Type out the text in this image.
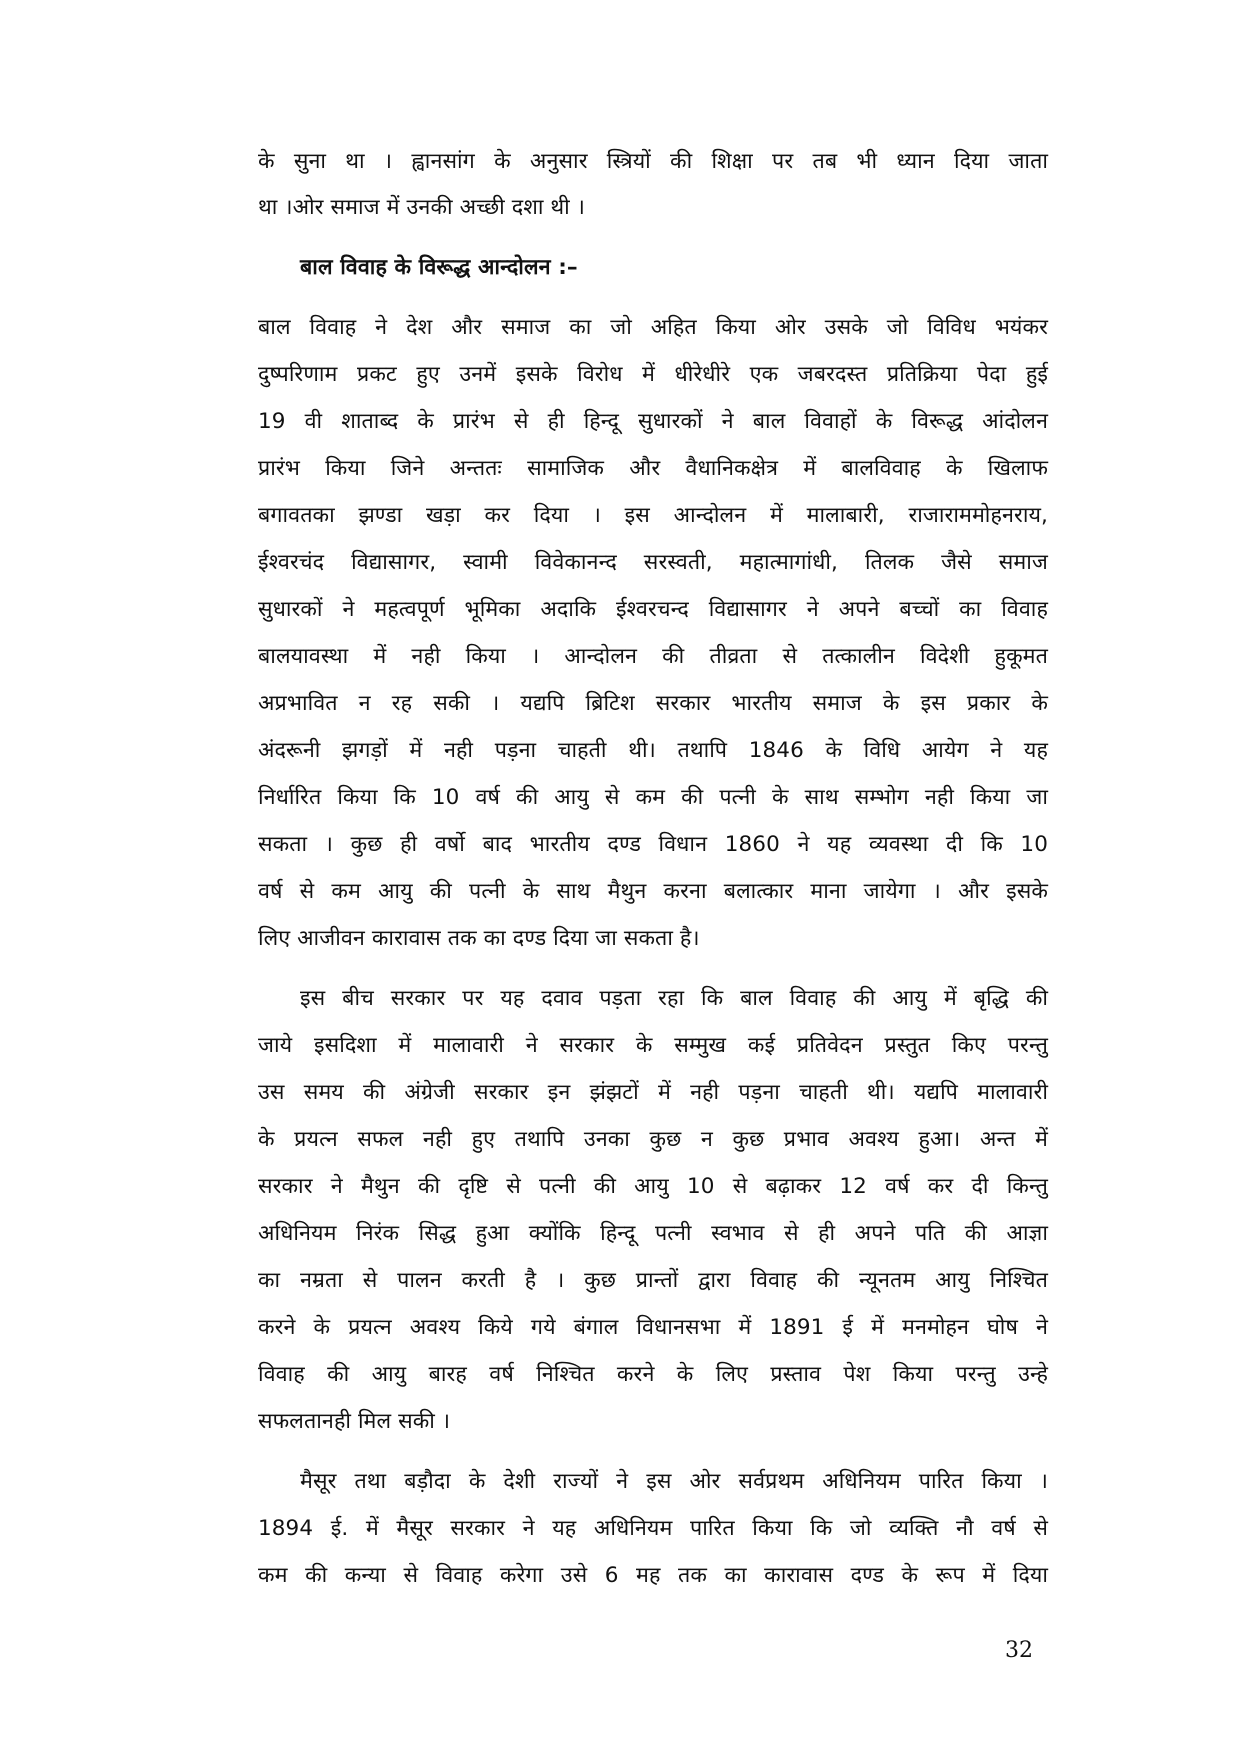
के सुना था । ह्वानसांग के अनुसार स्त्रियों की शिक्षा पर तब भी ध्यान दिया जाता
था ।ओर समाज में उनकी अच्छी दशा थी ।
बाल विवाह के विरूद्ध आन्दोलन :–
बाल विवाह ने देश और समाज का जो अहित किया ओर उसके जो विविध भयंकर
दुष्परिणाम प्रकट हुए उनमें इसके विरोध में धीरेधीरे एक जबरदस्त प्रतिक्रिया पेदा हुई
19 वी शाताब्द के प्रारंभ से ही हिन्दू सुधारकों ने बाल विवाहों के विरूद्ध आंदोलन
प्रारंभ किया जिने अन्ततः सामाजिक और वैधानिकक्षेत्र में बालविवाह के खिलाफ
बगावतका झण्डा खड़ा कर दिया । इस आन्दोलन में मालाबारी, राजाराममोहनराय,
ईश्वरचंद विद्यासागर, स्वामी विवेकानन्द सरस्वती, महात्मागांधी, तिलक जैसे समाज
सुधारकों ने महत्वपूर्ण भूमिका अदाकि ईश्वरचन्द विद्यासागर ने अपने बच्चों का विवाह
बालयावस्था में नही किया । आन्दोलन की तीव्रता से तत्कालीन विदेशी हुकूमत
अप्रभावित न रह सकी । यद्यपि ब्रिटिश सरकार भारतीय समाज के इस प्रकार के
अंदरूनी झगड़ों में नही पड़ना चाहती थी। तथापि 1846 के विधि आयेग ने यह
निर्धारित किया कि 10 वर्ष की आयु से कम की पत्नी के साथ सम्भोग नही किया जा
सकता । कुछ ही वर्षो बाद भारतीय दण्ड विधान 1860 ने यह व्यवस्था दी कि 10
वर्ष से कम आयु की पत्नी के साथ मैथुन करना बलात्कार माना जायेगा । और इसके
लिए आजीवन कारावास तक का दण्ड दिया जा सकता है।
इस बीच सरकार पर यह दवाव पड़ता रहा कि बाल विवाह की आयु में बृद्धि की
जाये इसदिशा में मालावारी ने सरकार के सम्मुख कई प्रतिवेदन प्रस्तुत किए परन्तु
उस समय की अंग्रेजी सरकार इन झंझटों में नही पड़ना चाहती थी। यद्यपि मालावारी
के प्रयत्न सफल नही हुए तथापि उनका कुछ न कुछ प्रभाव अवश्य हुआ। अन्त में
सरकार ने मैथुन की दृष्टि से पत्नी की आयु 10 से बढ़ाकर 12 वर्ष कर दी किन्तु
अधिनियम निरंक सिद्ध हुआ क्योंकि हिन्दू पत्नी स्वभाव से ही अपने पति की आज्ञा
का नम्रता से पालन करती है । कुछ प्रान्तों द्वारा विवाह की न्यूनतम आयु निश्चित
करने के प्रयत्न अवश्य किये गये बंगाल विधानसभा में 1891 ई में मनमोहन घोष ने
विवाह की आयु बारह वर्ष निश्चित करने के लिए प्रस्ताव पेश किया परन्तु उन्हे
सफलतानही मिल सकी ।
मैसूर तथा बड़ौदा के देशी राज्यों ने इस ओर सर्वप्रथम अधिनियम पारित किया ।
1894 ई. में मैसूर सरकार ने यह अधिनियम पारित किया कि जो व्यक्ति नौ वर्ष से
कम की कन्या से विवाह करेगा उसे 6 मह तक का कारावास दण्ड के रूप में दिया
32
